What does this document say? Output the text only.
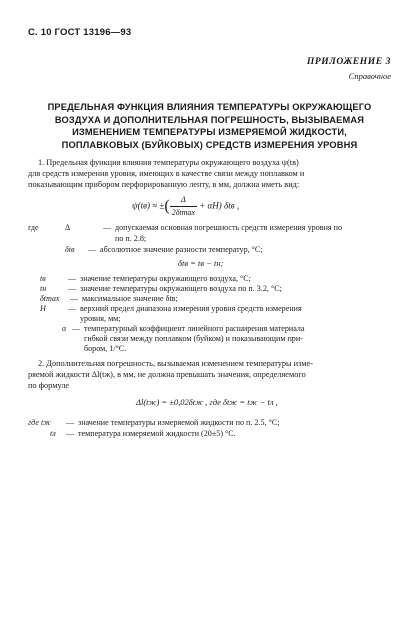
С. 10 ГОСТ 13196—93
ПРИЛОЖЕНИЕ 3
Справочное
ПРЕДЕЛЬНАЯ ФУНКЦИЯ ВЛИЯНИЯ ТЕМПЕРАТУРЫ ОКРУЖАЮЩЕГО
ВОЗДУХА И ДОПОЛНИТЕЛЬНАЯ ПОГРЕШНОСТЬ, ВЫЗЫВАЕМАЯ
ИЗМЕНЕНИЕМ ТЕМПЕРАТУРЫ ИЗМЕРЯЕМОЙ ЖИДКОСТИ,
ПОПЛАВКОВЫХ (БУЙКОВЫХ) СРЕДСТВ ИЗМЕРЕНИЯ УРОВНЯ
1. Предельная функция влияния температуры окружающего воздуха ψ(tв)
для средств измерения уровня, имеющих в качестве связи между поплавком и
показывающим прибором перфорированную ленту, в мм, должна иметь вид:
ψ(tв) ≈ ±( $\frac{\Delta}{2\delta tmax} + \alpha H$) δtв ,
где	Δ	— допускаемая основная погрешность средств измерения уровня по
по п. 2.8;
δtв — абсолютное значение разности температур, °С;
δtв = tв − tн;
tв	— значение температуры окружающего воздуха, °С;
tн	— значение температуры окружающего воздуха по п. 3.2, °С;
δtmax — максимальное значение δtв;
H	— верхний предел диапазона измерения уровня средств измерения
уровня, мм;
α — температурный коэффициент линейного расширения материала
гибкой связи между поплавком (буйком) и показывающим при-
бором, 1/°С.
2. Дополнительная погрешность, вызываемая изменением температуры изме-
ряемой жидкости Δl(tж), в мм, не должна превышать значения, определяемого
по формуле
Δl(tж) = ±0,02δtж , где δtж = tж − tл ,
где tж — значение температуры измеряемой жидкости по п. 2.5, °С;
tл — температура измеряемой жидкости (20±5) °С.
